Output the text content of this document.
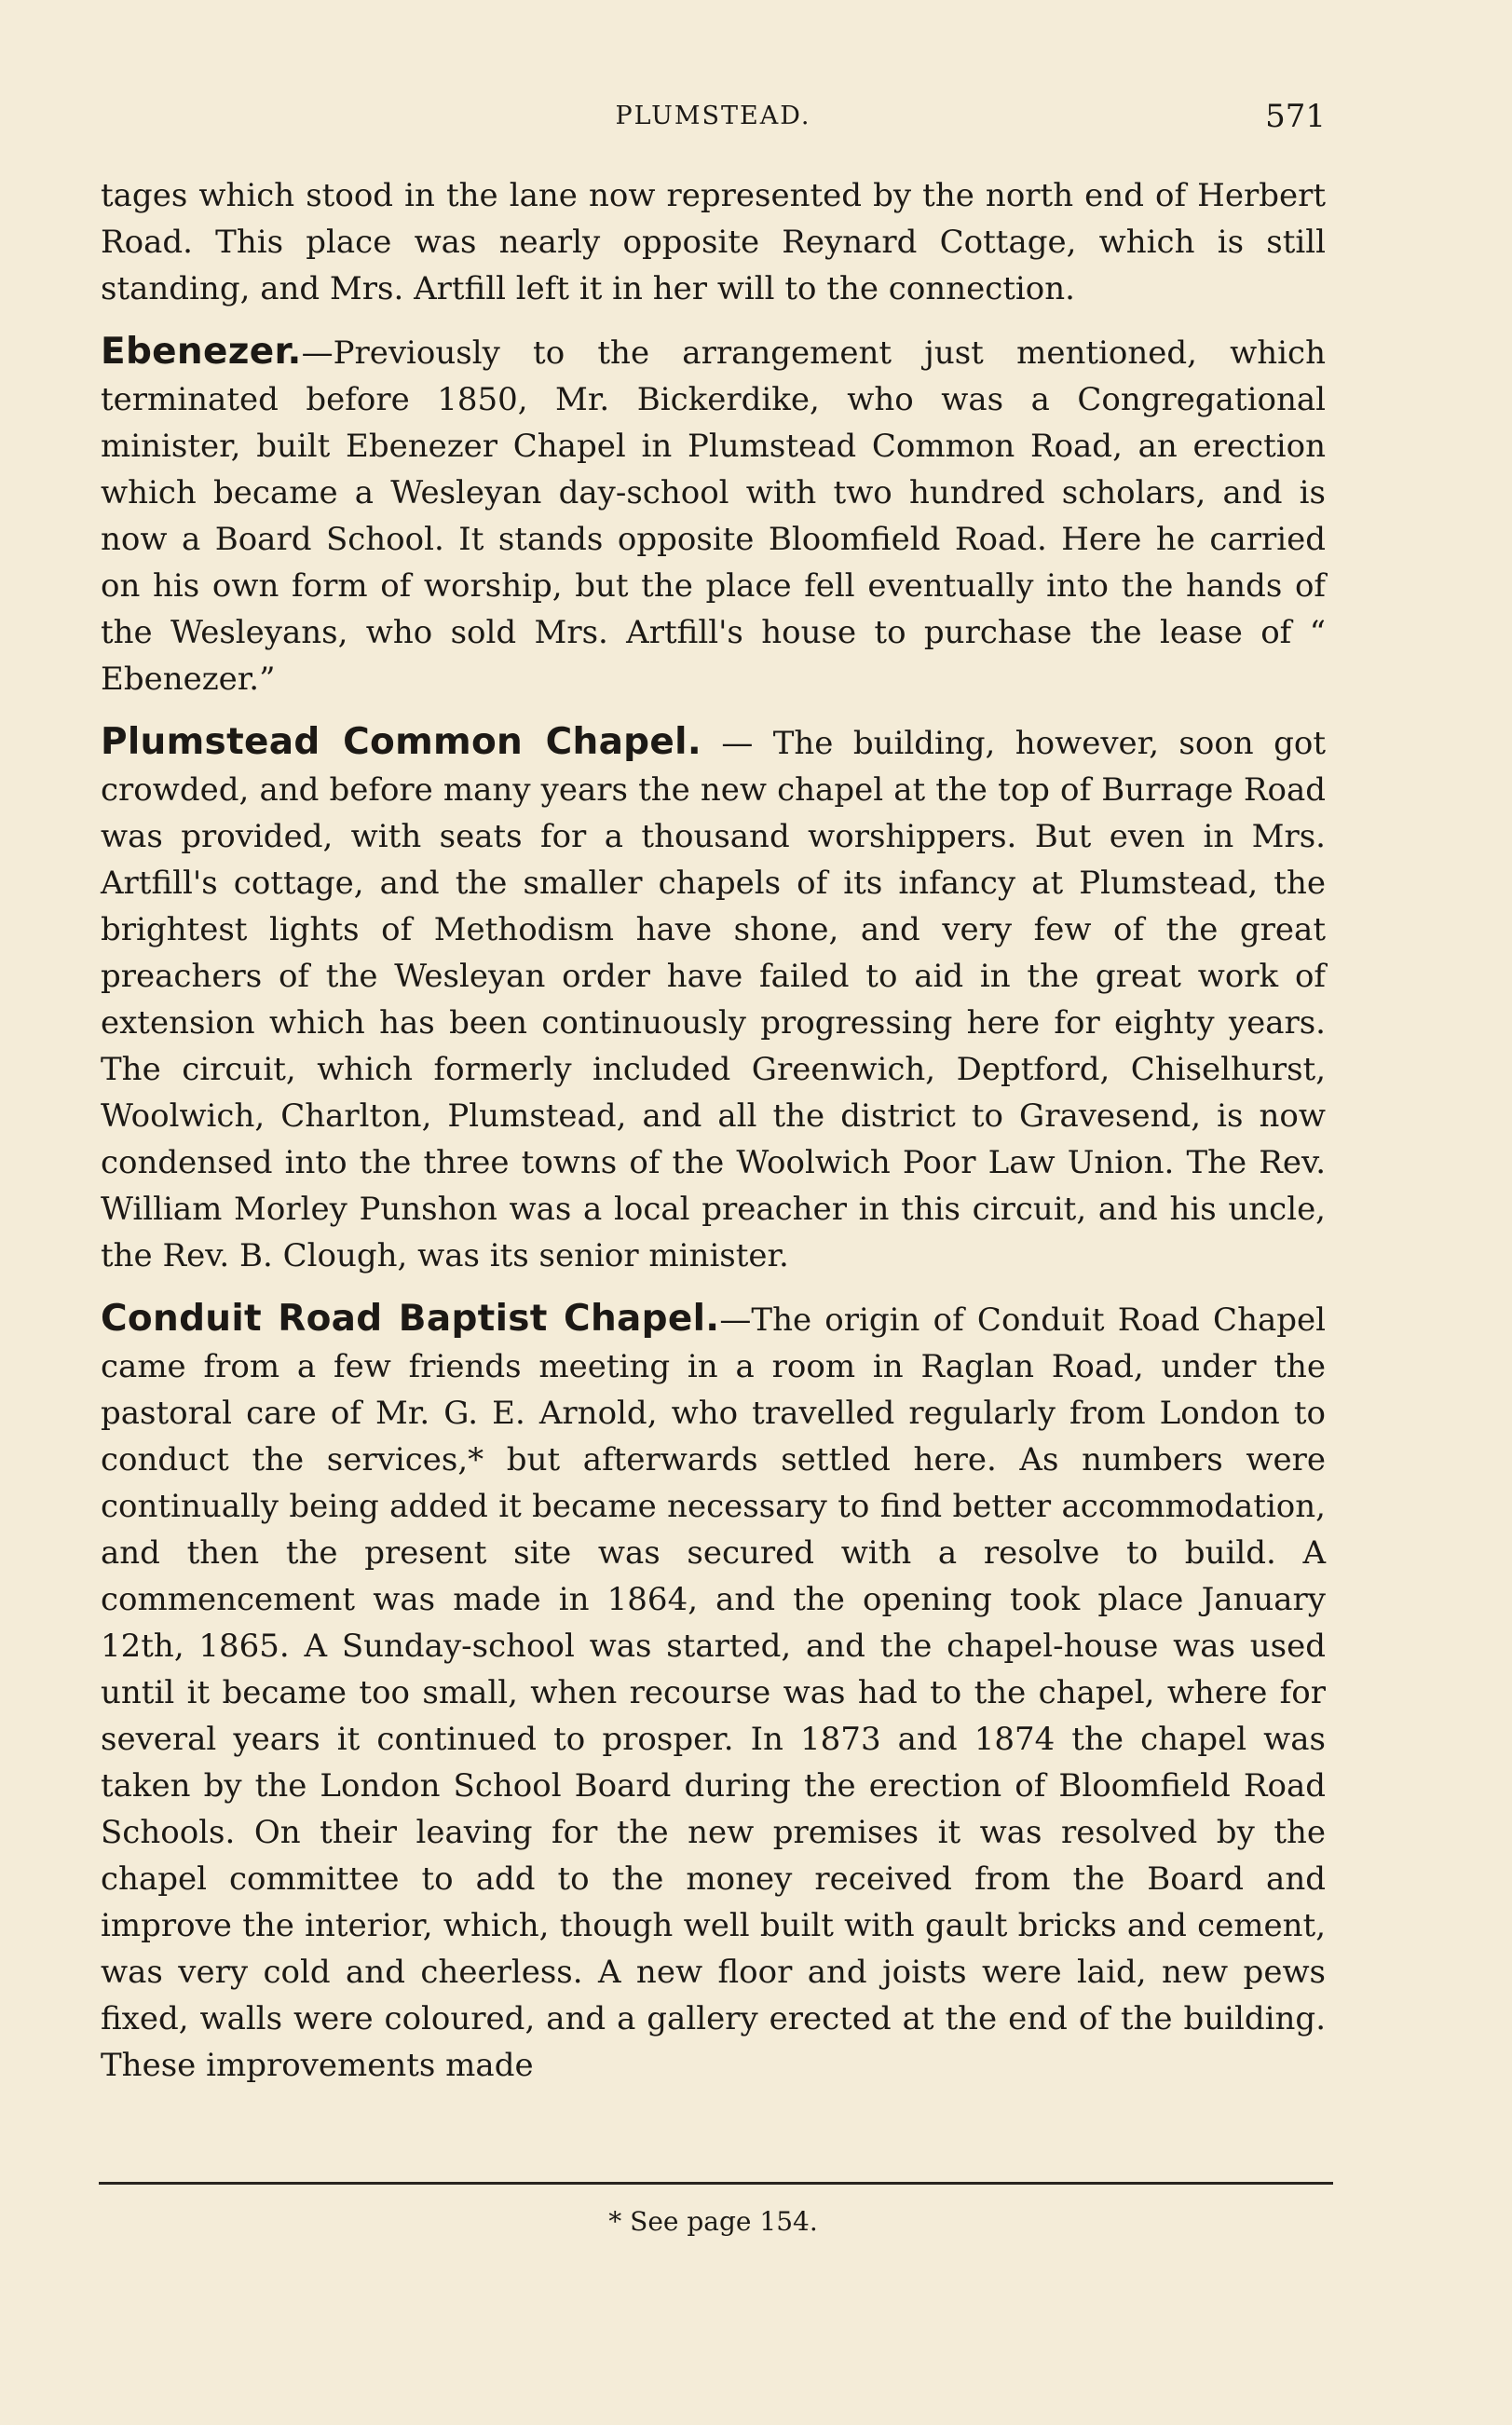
PLUMSTEAD.	571

tages which stood in the lane now represented by the north end of Herbert Road. This place was nearly opposite Reynard Cottage, which is still standing, and Mrs. Artfill left it in her will to the connection.

Ebenezer.—Previously to the arrangement just mentioned, which terminated before 1850, Mr. Bickerdike, who was a Congregational minister, built Ebenezer Chapel in Plumstead Common Road, an erection which became a Wesleyan day-school with two hundred scholars, and is now a Board School. It stands opposite Bloomfield Road. Here he carried on his own form of worship, but the place fell eventually into the hands of the Wesleyans, who sold Mrs. Artfill's house to purchase the lease of “ Ebenezer.”

Plumstead Common Chapel. — The building, however, soon got crowded, and before many years the new chapel at the top of Burrage Road was provided, with seats for a thousand worshippers. But even in Mrs. Artfill's cottage, and the smaller chapels of its infancy at Plumstead, the brightest lights of Methodism have shone, and very few of the great preachers of the Wesleyan order have failed to aid in the great work of extension which has been continuously progressing here for eighty years. The circuit, which formerly included Greenwich, Deptford, Chiselhurst, Woolwich, Charlton, Plumstead, and all the district to Gravesend, is now condensed into the three towns of the Woolwich Poor Law Union. The Rev. William Morley Punshon was a local preacher in this circuit, and his uncle, the Rev. B. Clough, was its senior minister.

Conduit Road Baptist Chapel.—The origin of Conduit Road Chapel came from a few friends meeting in a room in Raglan Road, under the pastoral care of Mr. G. E. Arnold, who travelled regularly from London to conduct the services,* but afterwards settled here. As numbers were continually being added it became necessary to find better accommodation, and then the present site was secured with a resolve to build. A commencement was made in 1864, and the opening took place January 12th, 1865. A Sunday-school was started, and the chapel-house was used until it became too small, when recourse was had to the chapel, where for several years it continued to prosper. In 1873 and 1874 the chapel was taken by the London School Board during the erection of Bloomfield Road Schools. On their leaving for the new premises it was resolved by the chapel committee to add to the money received from the Board and improve the interior, which, though well built with gault bricks and cement, was very cold and cheerless. A new floor and joists were laid, new pews fixed, walls were coloured, and a gallery erected at the end of the building. These improvements made

* See page 154.
